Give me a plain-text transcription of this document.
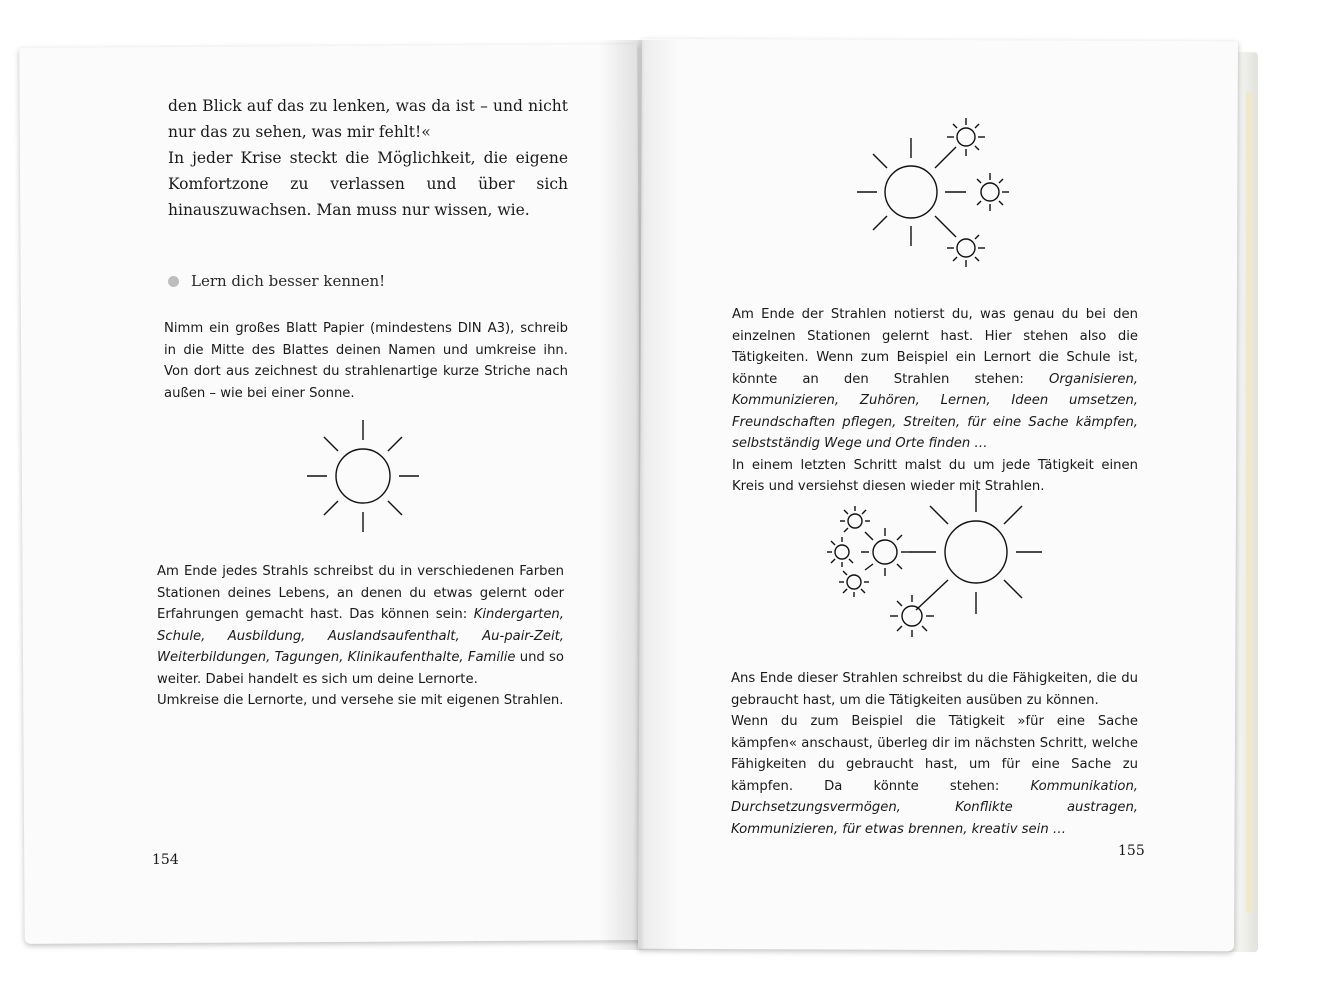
den Blick auf das zu lenken, was da ist – und nicht nur das zu sehen, was mir fehlt!«

In jeder Krise steckt die Möglichkeit, die eigene Komfortzone zu verlassen und über sich hinauszuwachsen. Man muss nur wissen, wie.

Lern dich besser kennen!

Nimm ein großes Blatt Papier (mindestens DIN A3), schreib in die Mitte des Blattes deinen Namen und umkreise ihn. Von dort aus zeichnest du strahlenartige kurze Striche nach außen – wie bei einer Sonne.

Am Ende jedes Strahls schreibst du in verschiedenen Farben Stationen deines Lebens, an denen du etwas gelernt oder Erfahrungen gemacht hast. Das können sein: Kindergarten, Schule, Ausbildung, Auslandsaufenthalt, Au-pair-Zeit, Weiterbildungen, Tagungen, Klinikaufenthalte, Familie und so weiter. Dabei handelt es sich um deine Lernorte.

Umkreise die Lernorte, und versehe sie mit eigenen Strahlen.

154

Am Ende der Strahlen notierst du, was genau du bei den einzelnen Stationen gelernt hast. Hier stehen also die Tätigkeiten. Wenn zum Beispiel ein Lernort die Schule ist, könnte an den Strahlen stehen: Organisieren, Kommunizieren, Zuhören, Lernen, Ideen umsetzen, Freundschaften pflegen, Streiten, für eine Sache kämpfen, selbstständig Wege und Orte finden …

In einem letzten Schritt malst du um jede Tätigkeit einen Kreis und versiehst diesen wieder mit Strahlen.

Ans Ende dieser Strahlen schreibst du die Fähigkeiten, die du gebraucht hast, um die Tätigkeiten ausüben zu können.

Wenn du zum Beispiel die Tätigkeit »für eine Sache kämpfen« anschaust, überleg dir im nächsten Schritt, welche Fähigkeiten du gebraucht hast, um für eine Sache zu kämpfen. Da könnte stehen: Kommunikation, Durchsetzungsvermögen, Konflikte austragen, Kommunizieren, für etwas brennen, kreativ sein …

155
